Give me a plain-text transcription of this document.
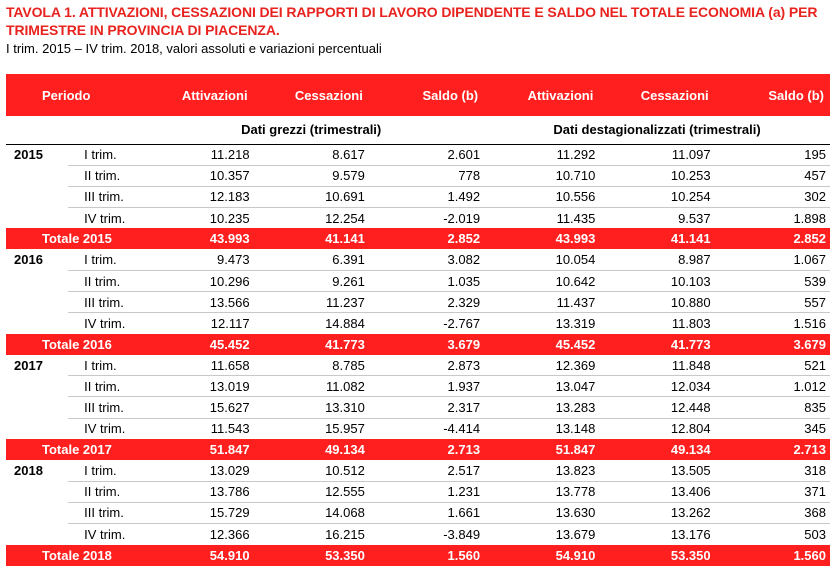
TAVOLA 1. ATTIVAZIONI, CESSAZIONI DEI RAPPORTI DI LAVORO DIPENDENTE E SALDO NEL TOTALE ECONOMIA (a) PER TRIMESTRE IN PROVINCIA DI PIACENZA.
I trim. 2015 – IV trim. 2018, valori assoluti e variazioni percentuali
Periodo		Attivazioni	Cessazioni	Saldo (b)	Attivazioni	Cessazioni	Saldo (b)
		Dati grezzi (trimestrali)			Dati destagionalizzati (trimestrali)		
2015	I trim.	11.218	8.617	2.601	11.292	11.097	195
	II trim.	10.357	9.579	778	10.710	10.253	457
	III trim.	12.183	10.691	1.492	10.556	10.254	302
	IV trim.	10.235	12.254	-2.019	11.435	9.537	1.898
Totale 2015		43.993	41.141	2.852	43.993	41.141	2.852
2016	I trim.	9.473	6.391	3.082	10.054	8.987	1.067
	II trim.	10.296	9.261	1.035	10.642	10.103	539
	III trim.	13.566	11.237	2.329	11.437	10.880	557
	IV trim.	12.117	14.884	-2.767	13.319	11.803	1.516
Totale 2016		45.452	41.773	3.679	45.452	41.773	3.679
2017	I trim.	11.658	8.785	2.873	12.369	11.848	521
	II trim.	13.019	11.082	1.937	13.047	12.034	1.012
	III trim.	15.627	13.310	2.317	13.283	12.448	835
	IV trim.	11.543	15.957	-4.414	13.148	12.804	345
Totale 2017		51.847	49.134	2.713	51.847	49.134	2.713
2018	I trim.	13.029	10.512	2.517	13.823	13.505	318
	II trim.	13.786	12.555	1.231	13.778	13.406	371
	III trim.	15.729	14.068	1.661	13.630	13.262	368
	IV trim.	12.366	16.215	-3.849	13.679	13.176	503
Totale 2018		54.910	53.350	1.560	54.910	53.350	1.560
